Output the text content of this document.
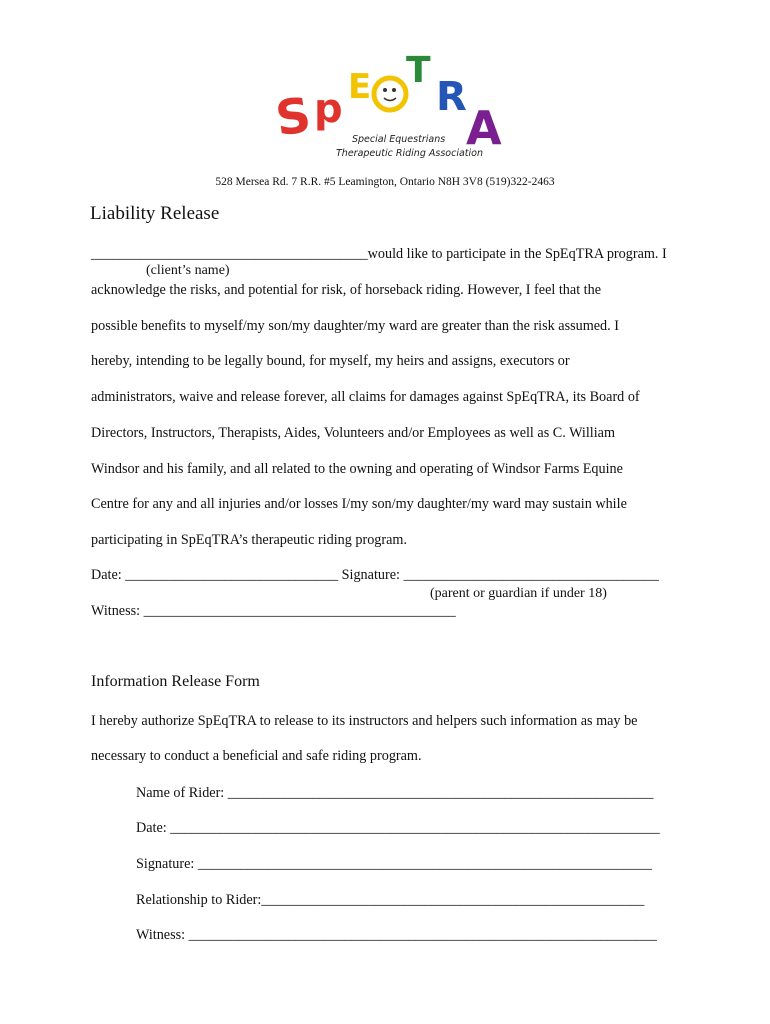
S p E T
R
A
Special Equestrians
Therapeutic Riding Association
528 Mersea Rd. 7 R.R. #5 Leamington, Ontario N8H 3V8 (519)322-2463
Liability Release
_______________________________________would like to participate in the SpEqTRA program. I
(client’s name)
acknowledge the risks, and potential for risk, of horseback riding. However, I feel that the
possible benefits to myself/my son/my daughter/my ward are greater than the risk assumed. I
hereby, intending to be legally bound, for myself, my heirs and assigns, executors or
administrators, waive and release forever, all claims for damages against SpEqTRA, its Board of
Directors, Instructors, Therapists, Aides, Volunteers and/or Employees as well as C. William
Windsor and his family, and all related to the owning and operating of Windsor Farms Equine
Centre for any and all injuries and/or losses I/my son/my daughter/my ward may sustain while
participating in SpEqTRA’s therapeutic riding program.
Date: ______________________________ Signature: ____________________________________
(parent or guardian if under 18)
Witness: ____________________________________________
Information Release Form
I hereby authorize SpEqTRA to release to its instructors and helpers such information as may be
necessary to conduct a beneficial and safe riding program.
Name of Rider: ____________________________________________________________
Date: _____________________________________________________________________
Signature: ________________________________________________________________
Relationship to Rider:______________________________________________________
Witness: __________________________________________________________________
